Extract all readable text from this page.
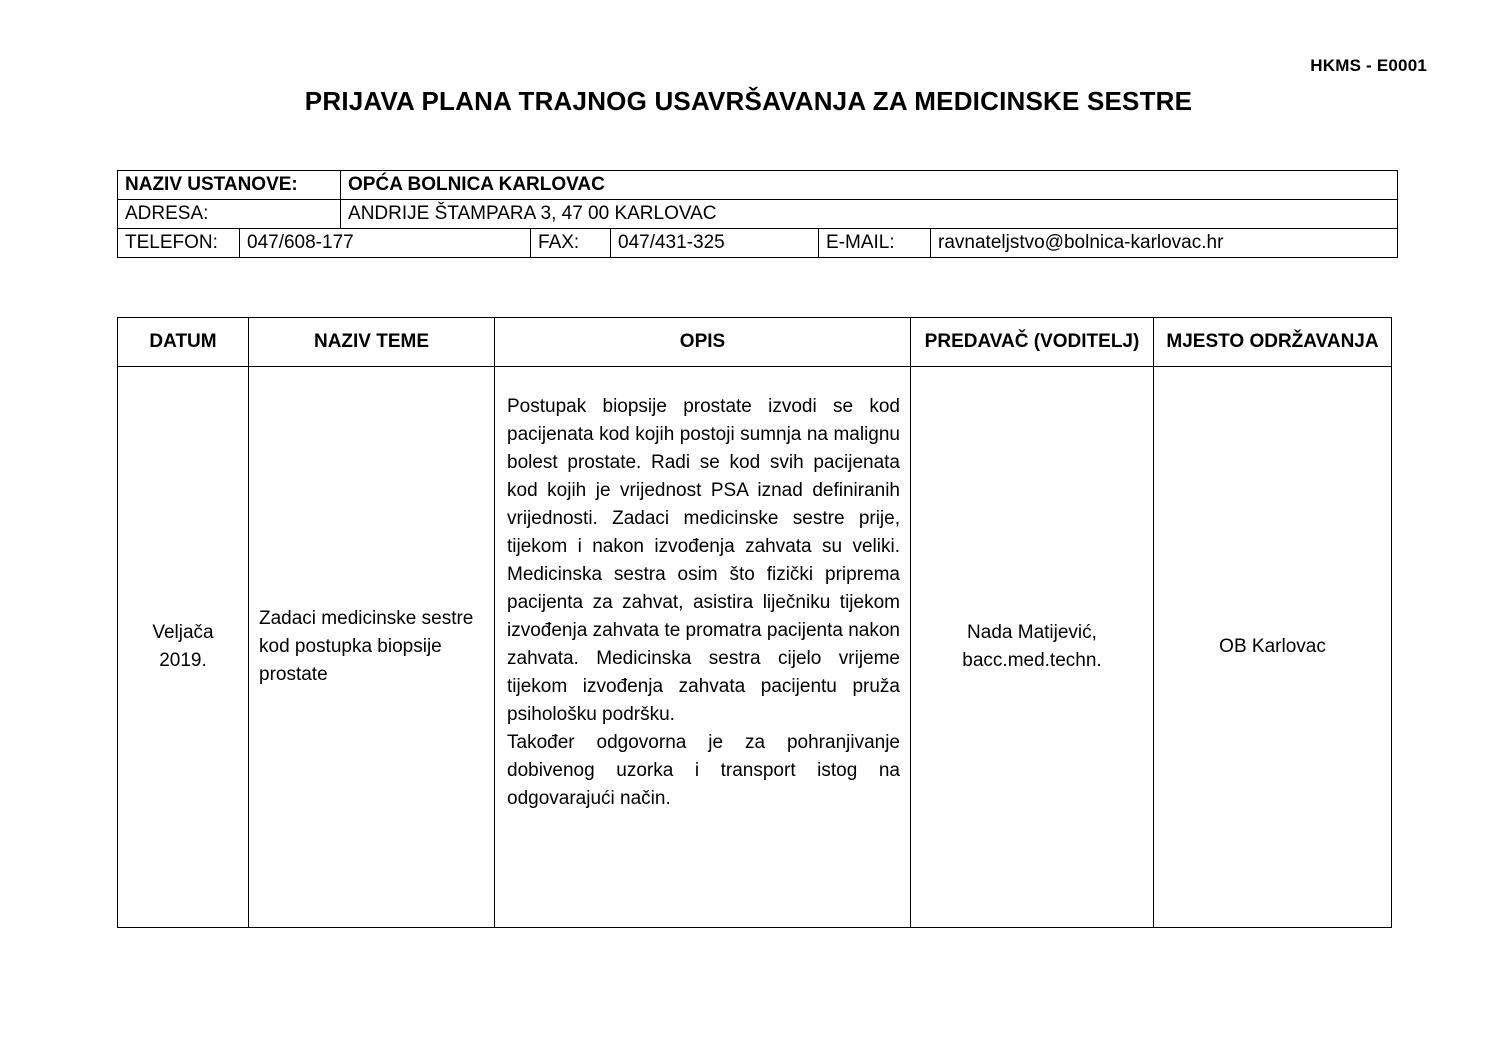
HKMS - E0001
PRIJAVA PLANA TRAJNOG USAVRŠAVANJA ZA MEDICINSKE SESTRE
NAZIV USTANOVE:		OPĆA BOLNICA KARLOVAC				
ADRESA:		ANDRIJE ŠTAMPARA 3, 47 00 KARLOVAC				
TELEFON:	047/608-177		FAX:	047/431-325	E-MAIL:	ravnateljstvo@bolnica-karlovac.hr
DATUM	NAZIV TEME	OPIS	PREDAVAČ (VODITELJ)	MJESTO ODRŽAVANJA
Veljača 2019.	Zadaci medicinske sestre kod postupka biopsije prostate	Postupak biopsije prostate izvodi se kod pacijenata kod kojih postoji sumnja na malignu bolest prostate. Radi se kod svih pacijenata kod kojih je vrijednost PSA iznad definiranih vrijednosti. Zadaci medicinske sestre prije, tijekom i nakon izvođenja zahvata su veliki. Medicinska sestra osim što fizički priprema pacijenta za zahvat, asistira liječniku tijekom izvođenja zahvata te promatra pacijenta nakon zahvata. Medicinska sestra cijelo vrijeme tijekom izvođenja zahvata pacijentu pruža psihološku podršku.

Također odgovorna je za pohranjivanje dobivenog uzorka i transport istog na odgovarajući način.	Nada Matijević, bacc.med.techn.	OB Karlovac
